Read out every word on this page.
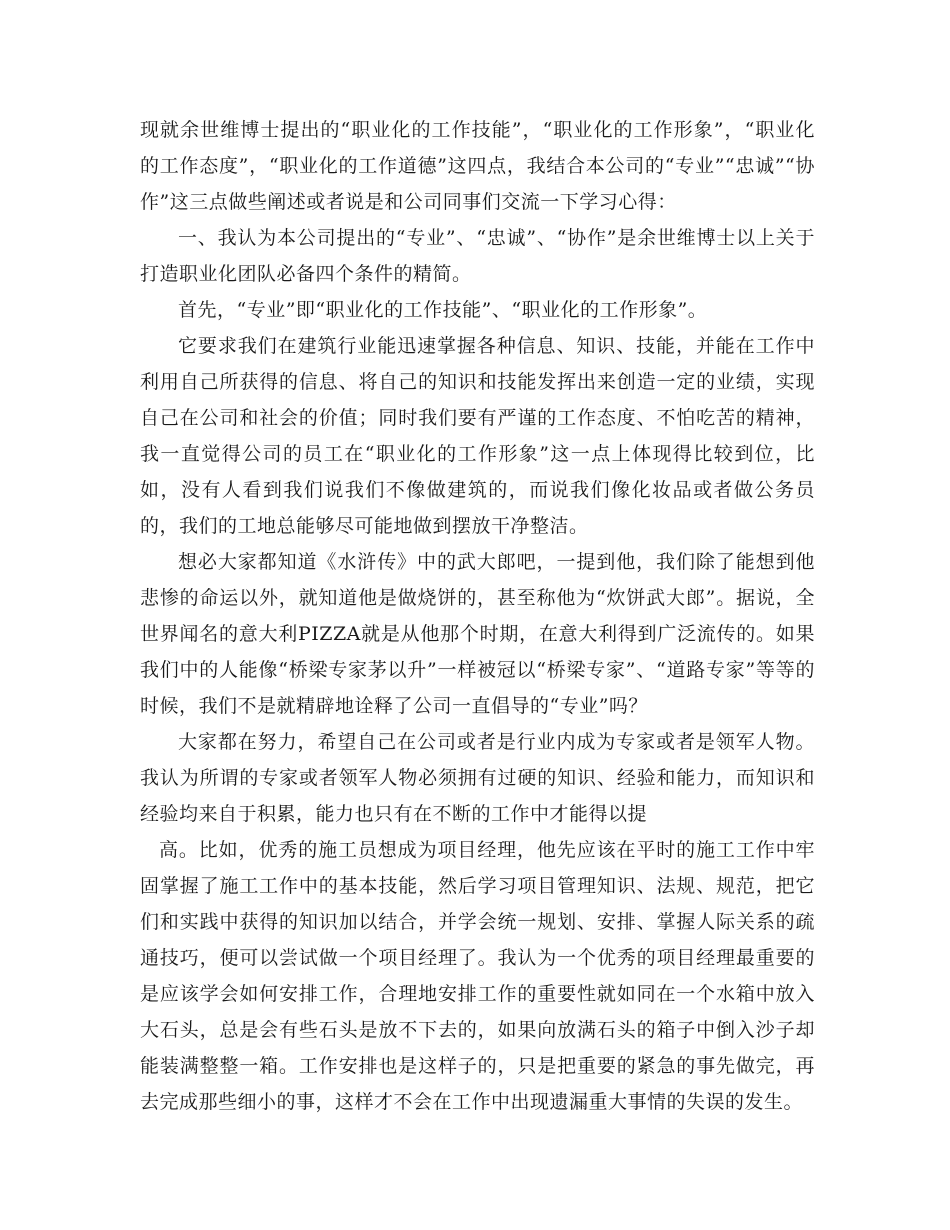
现就余世维博士提出的“职业化的工作技能”，“职业化的工作形象”，“职业化的工作态度”，“职业化的工作道德”这四点，我结合本公司的“专业”“忠诚”“协作”这三点做些阐述或者说是和公司同事们交流一下学习心得：

一、我认为本公司提出的“专业”、“忠诚”、“协作”是余世维博士以上关于打造职业化团队必备四个条件的精简。

首先，“专业”即“职业化的工作技能”、“职业化的工作形象”。

它要求我们在建筑行业能迅速掌握各种信息、知识、技能，并能在工作中利用自己所获得的信息、将自己的知识和技能发挥出来创造一定的业绩，实现自己在公司和社会的价值；同时我们要有严谨的工作态度、不怕吃苦的精神，我一直觉得公司的员工在“职业化的工作形象”这一点上体现得比较到位，比如，没有人看到我们说我们不像做建筑的，而说我们像化妆品或者做公务员的，我们的工地总能够尽可能地做到摆放干净整洁。

想必大家都知道《水浒传》中的武大郎吧，一提到他，我们除了能想到他悲惨的命运以外，就知道他是做烧饼的，甚至称他为“炊饼武大郎”。据说，全世界闻名的意大利PIZZA就是从他那个时期，在意大利得到广泛流传的。如果我们中的人能像“桥梁专家茅以升”一样被冠以“桥梁专家”、“道路专家”等等的时候，我们不是就精辟地诠释了公司一直倡导的“专业”吗？

大家都在努力，希望自己在公司或者是行业内成为专家或者是领军人物。我认为所谓的专家或者领军人物必须拥有过硬的知识、经验和能力，而知识和经验均来自于积累，能力也只有在不断的工作中才能得以提

高。比如，优秀的施工员想成为项目经理，他先应该在平时的施工工作中牢固掌握了施工工作中的基本技能，然后学习项目管理知识、法规、规范，把它们和实践中获得的知识加以结合，并学会统一规划、安排、掌握人际关系的疏通技巧，便可以尝试做一个项目经理了。我认为一个优秀的项目经理最重要的是应该学会如何安排工作，合理地安排工作的重要性就如同在一个水箱中放入大石头，总是会有些石头是放不下去的，如果向放满石头的箱子中倒入沙子却能装满整整一箱。工作安排也是这样子的，只是把重要的紧急的事先做完，再去完成那些细小的事，这样才不会在工作中出现遗漏重大事情的失误的发生。
